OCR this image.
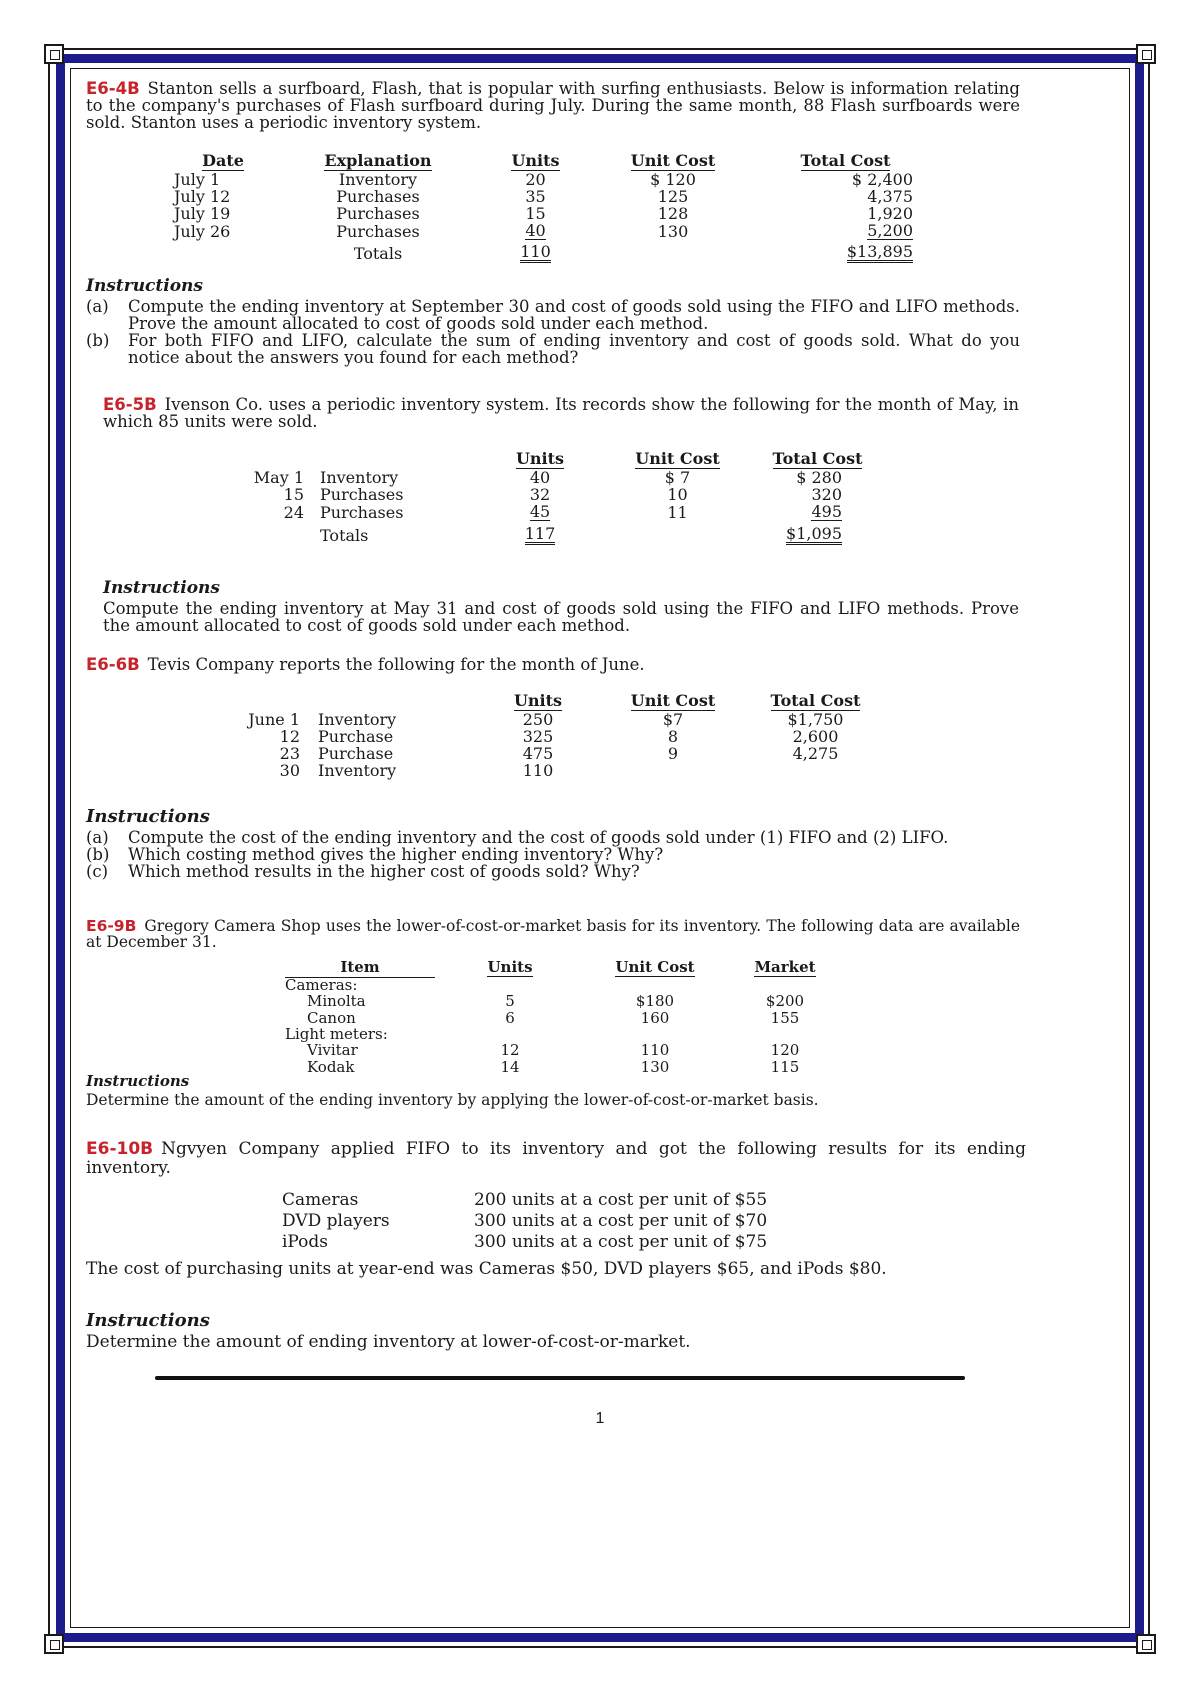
E6-4B Stanton sells a surfboard, Flash, that is popular with surfing enthusiasts. Below is information relating to the company's purchases of Flash surfboard during July. During the same month, 88 Flash surfboards were sold. Stanton uses a periodic inventory system.

Date	Explanation	Units	Unit Cost	Total Cost
July 1	Inventory	20	$ 120	$ 2,400
July 12	Purchases	35	125	4,375
July 19	Purchases	15	128	1,920
July 26	Purchases	40	130	5,200
	Totals	110		$13,895

Instructions

(a)	Compute the ending inventory at September 30 and cost of goods sold using the FIFO and LIFO methods. Prove the amount allocated to cost of goods sold under each method.
(b)	For both FIFO and LIFO, calculate the sum of ending inventory and cost of goods sold. What do you notice about the answers you found for each method?

E6-5B Ivenson Co. uses a periodic inventory system. Its records show the following for the month of May, in which 85 units were sold.

		Units	Unit Cost	Total Cost
May 1	Inventory	40	$ 7	$ 280
15	Purchases	32	10	320
24	Purchases	45	11	495
	Totals	117		$1,095

Instructions

Compute the ending inventory at May 31 and cost of goods sold using the FIFO and LIFO methods. Prove the amount allocated to cost of goods sold under each method.

E6-6B Tevis Company reports the following for the month of June.

		Units	Unit Cost	Total Cost
June 1	Inventory	250	$7	$1,750
12	Purchase	325	8	2,600
23	Purchase	475	9	4,275
30	Inventory	110		

Instructions

(a)	Compute the cost of the ending inventory and the cost of goods sold under (1) FIFO and (2) LIFO.
(b)	Which costing method gives the higher ending inventory? Why?
(c)	Which method results in the higher cost of goods sold? Why?

E6-9B Gregory Camera Shop uses the lower-of-cost-or-market basis for its inventory. The following data are available at December 31.

Item	Units	Unit Cost	Market
Cameras:			
Minolta	5	$180	$200
Canon	6	160	155
Light meters:			
Vivitar	12	110	120
Kodak	14	130	115

Instructions

Determine the amount of the ending inventory by applying the lower-of-cost-or-market basis.

E6-10B Ngvyen Company applied FIFO to its inventory and got the following results for its ending inventory.

Cameras	200 units at a cost per unit of $55
DVD players	300 units at a cost per unit of $70
iPods	300 units at a cost per unit of $75

The cost of purchasing units at year-end was Cameras $50, DVD players $65, and iPods $80.

Instructions

Determine the amount of ending inventory at lower-of-cost-or-market.

1
